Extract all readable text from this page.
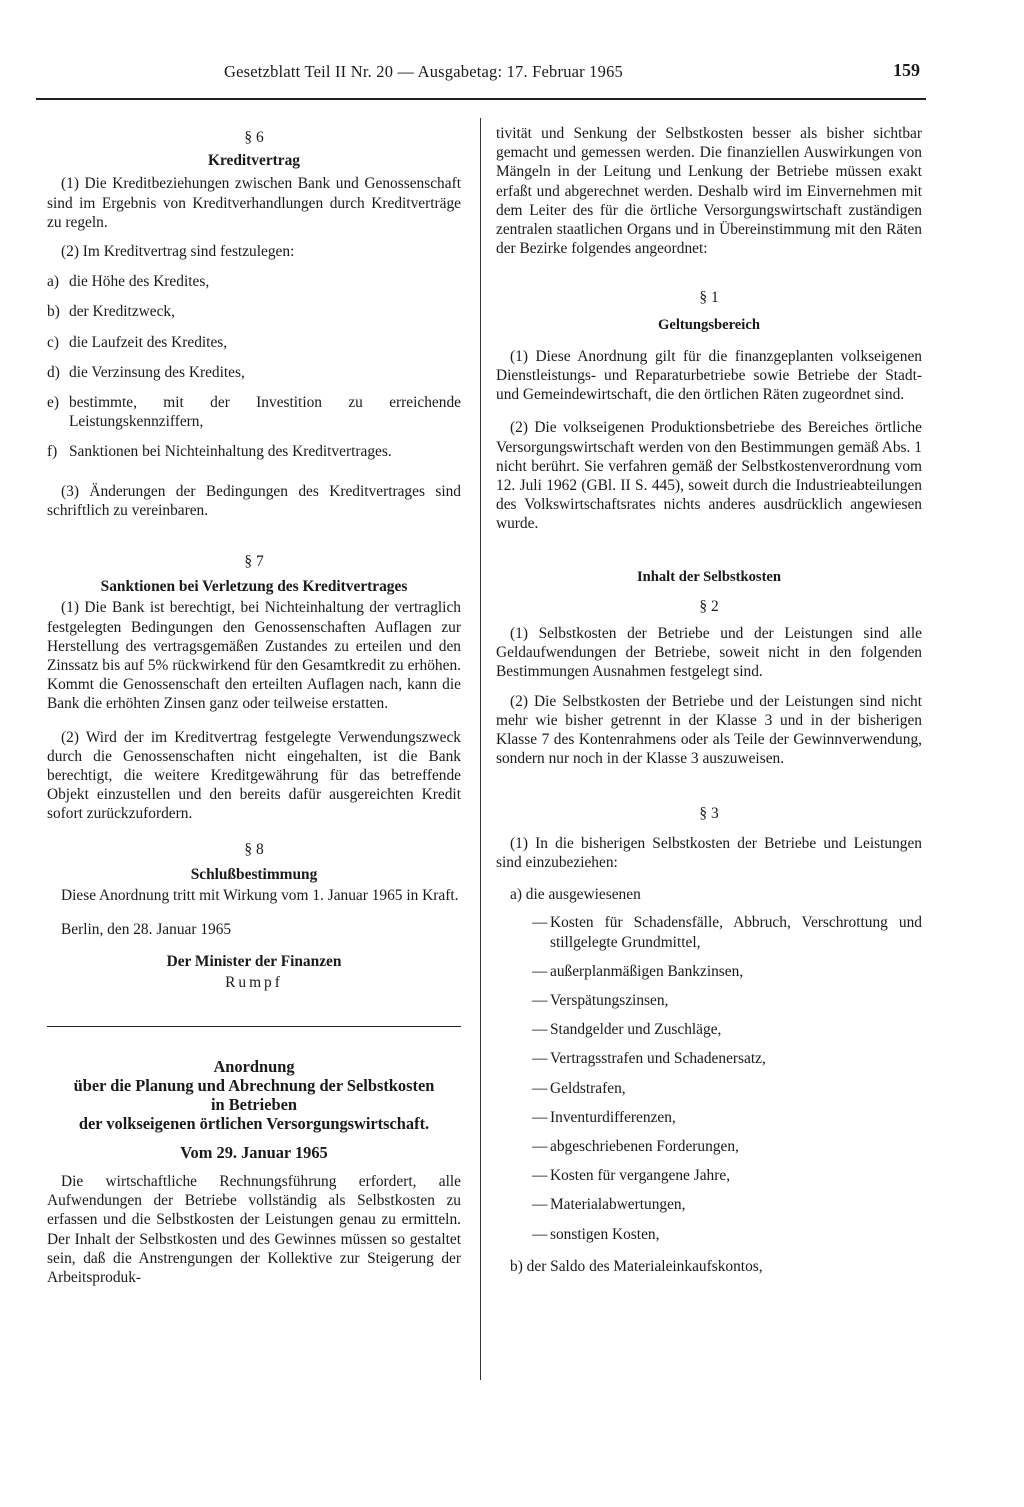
Gesetzblatt Teil II Nr. 20 — Ausgabetag: 17. Februar 1965	159

§ 6

Kreditvertrag

(1) Die Kreditbeziehungen zwischen Bank und Genossenschaft sind im Ergebnis von Kreditverhandlungen durch Kreditverträge zu regeln.

(2) Im Kreditvertrag sind festzulegen:

a) die Höhe des Kredites,

b) der Kreditzweck,

c) die Laufzeit des Kredites,

d) die Verzinsung des Kredites,

e) bestimmte, mit der Investition zu erreichende Leistungskennziffern,

f) Sanktionen bei Nichteinhaltung des Kreditvertrages.

(3) Änderungen der Bedingungen des Kreditvertrages sind schriftlich zu vereinbaren.

§ 7

Sanktionen bei Verletzung des Kreditvertrages

(1) Die Bank ist berechtigt, bei Nichteinhaltung der vertraglich festgelegten Bedingungen den Genossenschaften Auflagen zur Herstellung des vertragsgemäßen Zustandes zu erteilen und den Zinssatz bis auf 5% rückwirkend für den Gesamtkredit zu erhöhen. Kommt die Genossenschaft den erteilten Auflagen nach, kann die Bank die erhöhten Zinsen ganz oder teilweise erstatten.

(2) Wird der im Kreditvertrag festgelegte Verwendungszweck durch die Genossenschaften nicht eingehalten, ist die Bank berechtigt, die weitere Kreditgewährung für das betreffende Objekt einzustellen und den bereits dafür ausgereichten Kredit sofort zurückzufordern.

§ 8

Schlußbestimmung

Diese Anordnung tritt mit Wirkung vom 1. Januar 1965 in Kraft.

Berlin, den 28. Januar 1965

Der Minister der Finanzen

Rumpf

Anordnung

über die Planung und Abrechnung der Selbstkosten

in Betrieben

der volkseigenen örtlichen Versorgungswirtschaft.

Vom 29. Januar 1965

Die wirtschaftliche Rechnungsführung erfordert, alle Aufwendungen der Betriebe vollständig als Selbstkosten zu erfassen und die Selbstkosten der Leistungen genau zu ermitteln. Der Inhalt der Selbstkosten und des Gewinnes müssen so gestaltet sein, daß die Anstrengungen der Kollektive zur Steigerung der Arbeitsproduk-

tivität und Senkung der Selbstkosten besser als bisher sichtbar gemacht und gemessen werden. Die finanziellen Auswirkungen von Mängeln in der Leitung und Lenkung der Betriebe müssen exakt erfaßt und abgerechnet werden. Deshalb wird im Einvernehmen mit dem Leiter des für die örtliche Versorgungswirtschaft zuständigen zentralen staatlichen Organs und in Übereinstimmung mit den Räten der Bezirke folgendes angeordnet:

§ 1

Geltungsbereich

(1) Diese Anordnung gilt für die finanzgeplanten volkseigenen Dienstleistungs- und Reparaturbetriebe sowie Betriebe der Stadt- und Gemeindewirtschaft, die den örtlichen Räten zugeordnet sind.

(2) Die volkseigenen Produktionsbetriebe des Bereiches örtliche Versorgungswirtschaft werden von den Bestimmungen gemäß Abs. 1 nicht berührt. Sie verfahren gemäß der Selbstkostenverordnung vom 12. Juli 1962 (GBl. II S. 445), soweit durch die Industrieabteilungen des Volkswirtschaftsrates nichts anderes ausdrücklich angewiesen wurde.

Inhalt der Selbstkosten

§ 2

(1) Selbstkosten der Betriebe und der Leistungen sind alle Geldaufwendungen der Betriebe, soweit nicht in den folgenden Bestimmungen Ausnahmen festgelegt sind.

(2) Die Selbstkosten der Betriebe und der Leistungen sind nicht mehr wie bisher getrennt in der Klasse 3 und in der bisherigen Klasse 7 des Kontenrahmens oder als Teile der Gewinnverwendung, sondern nur noch in der Klasse 3 auszuweisen.

§ 3

(1) In die bisherigen Selbstkosten der Betriebe und Leistungen sind einzubeziehen:

a) die ausgewiesenen

— Kosten für Schadensfälle, Abbruch, Verschrottung und stillgelegte Grundmittel,

— außerplanmäßigen Bankzinsen,

— Verspätungszinsen,

— Standgelder und Zuschläge,

— Vertragsstrafen und Schadenersatz,

— Geldstrafen,

— Inventurdifferenzen,

— abgeschriebenen Forderungen,

— Kosten für vergangene Jahre,

— Materialabwertungen,

— sonstigen Kosten,

b) der Saldo des Materialeinkaufskontos,
